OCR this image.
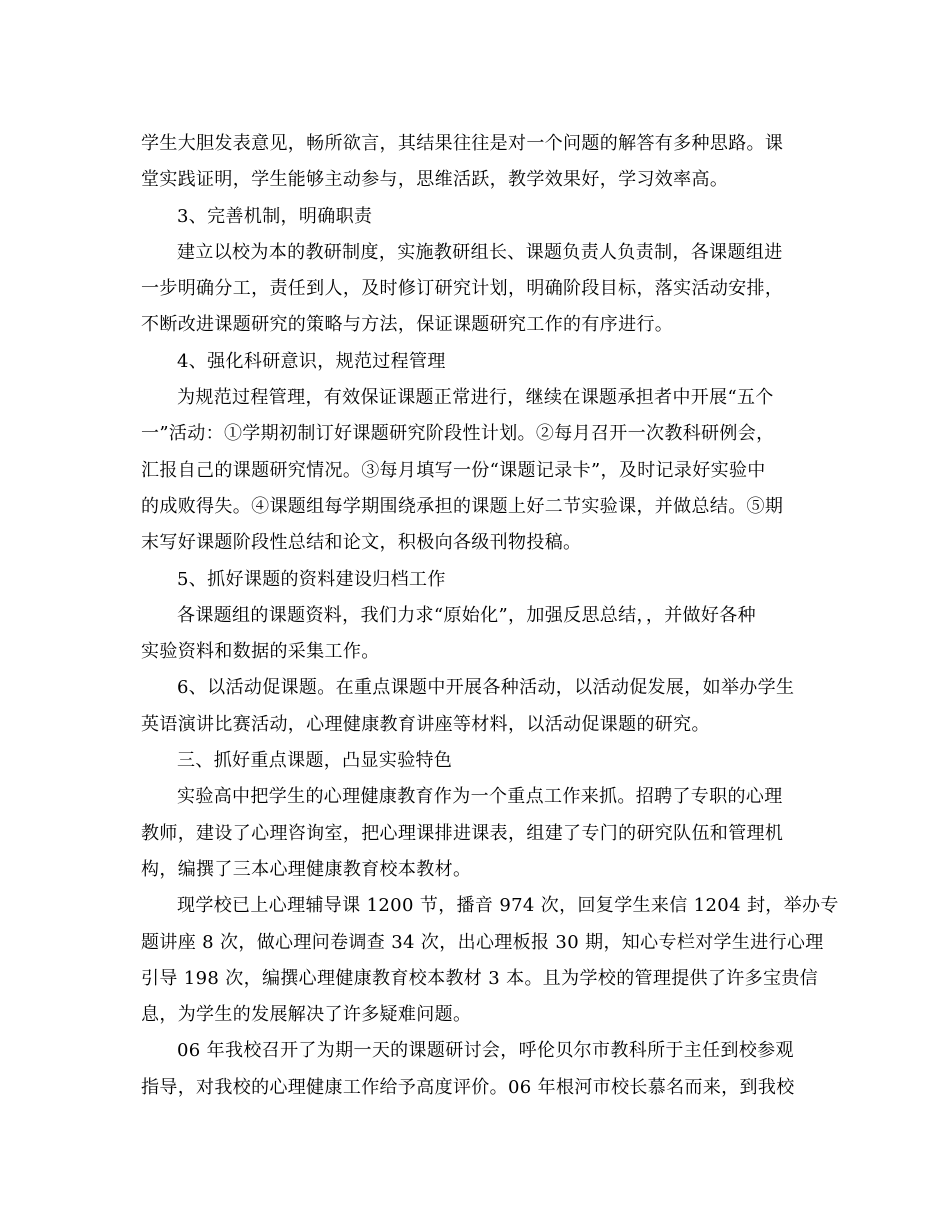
学生大胆发表意见，畅所欲言，其结果往往是对一个问题的解答有多种思路。课
堂实践证明，学生能够主动参与，思维活跃，教学效果好，学习效率高。
3、完善机制，明确职责
建立以校为本的教研制度，实施教研组长、课题负责人负责制，各课题组进
一步明确分工，责任到人，及时修订研究计划，明确阶段目标，落实活动安排，
不断改进课题研究的策略与方法，保证课题研究工作的有序进行。
4、强化科研意识，规范过程管理
为规范过程管理，有效保证课题正常进行，继续在课题承担者中开展“五个
一”活动：①学期初制订好课题研究阶段性计划。②每月召开一次教科研例会，
汇报自己的课题研究情况。③每月填写一份“课题记录卡”，及时记录好实验中
的成败得失。④课题组每学期围绕承担的课题上好二节实验课，并做总结。⑤期
末写好课题阶段性总结和论文，积极向各级刊物投稿。
5、抓好课题的资料建设归档工作
各课题组的课题资料，我们力求“原始化”，加强反思总结，，并做好各种
实验资料和数据的采集工作。
6、以活动促课题。在重点课题中开展各种活动，以活动促发展，如举办学生
英语演讲比赛活动，心理健康教育讲座等材料，以活动促课题的研究。
三、抓好重点课题，凸显实验特色
实验高中把学生的心理健康教育作为一个重点工作来抓。招聘了专职的心理
教师，建设了心理咨询室，把心理课排进课表，组建了专门的研究队伍和管理机
构，编撰了三本心理健康教育校本教材。
现学校已上心理辅导课 1200 节，播音 974 次，回复学生来信 1204 封，举办专
题讲座 8 次，做心理问卷调查 34 次，出心理板报 30 期，知心专栏对学生进行心理
引导 198 次，编撰心理健康教育校本教材 3 本。且为学校的管理提供了许多宝贵信
息，为学生的发展解决了许多疑难问题。
06 年我校召开了为期一天的课题研讨会，呼伦贝尔市教科所于主任到校参观
指导，对我校的心理健康工作给予高度评价。06 年根河市校长慕名而来，到我校
